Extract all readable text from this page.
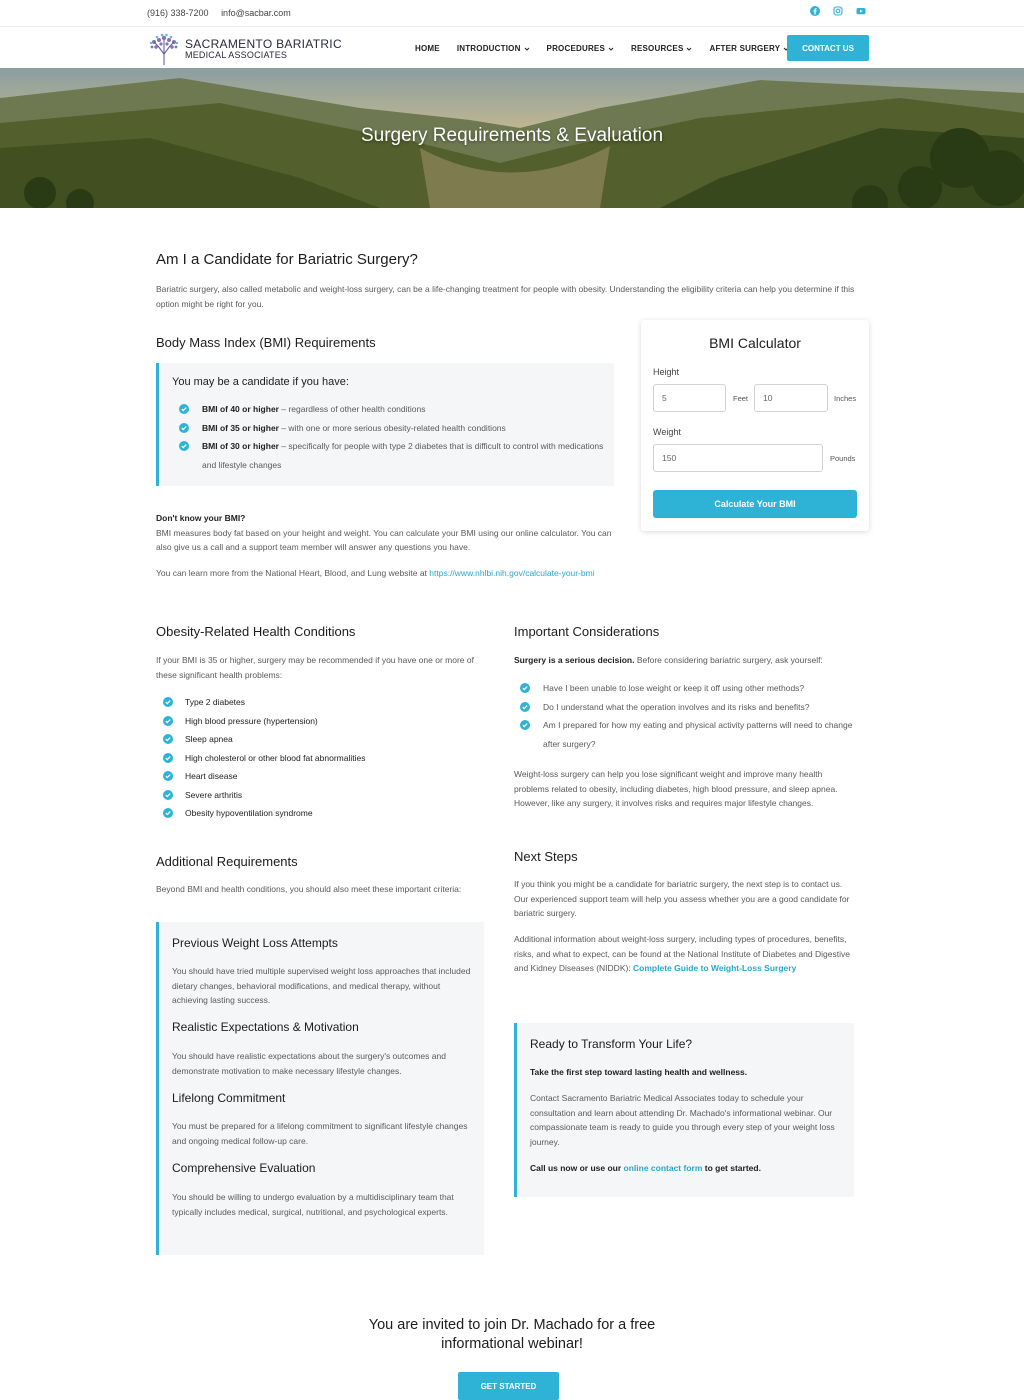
(916) 338-7200 info@sacbar.com
SACRAMENTO BARIATRIC
MEDICAL ASSOCIATES
HOME INTRODUCTION	PROCEDURES	RESOURCES	AFTER SURGERY	CONTACT US
Surgery Requirements & Evaluation
Am I a Candidate for Bariatric Surgery?
Bariatric surgery, also called metabolic and weight-loss surgery, can be a life-changing treatment for people with obesity. Understanding the eligibility criteria can help you determine if this option might be right for you.
Body Mass Index (BMI) Requirements
You may be a candidate if you have:
BMI of 40 or higher – regardless of other health conditions
BMI of 35 or higher – with one or more serious obesity-related health conditions
BMI of 30 or higher – specifically for people with type 2 diabetes that is difficult to control with medications and lifestyle changes
Don't know your BMI?
BMI measures body fat based on your height and weight. You can calculate your BMI using our online calculator. You can also give us a call and a support team member will answer any questions you have.
You can learn more from the National Heart, Blood, and Lung website at https://www.nhlbi.nih.gov/calculate-your-bmi
BMI Calculator
Height
5	Feet	10	Inches
Weight
150	Pounds
Calculate Your BMI
Obesity-Related Health Conditions
If your BMI is 35 or higher, surgery may be recommended if you have one or more of these significant health problems:
Type 2 diabetes
High blood pressure (hypertension)
Sleep apnea
High cholesterol or other blood fat abnormalities
Heart disease
Severe arthritis
Obesity hypoventilation syndrome
Important Considerations
Surgery is a serious decision. Before considering bariatric surgery, ask yourself:
Have I been unable to lose weight or keep it off using other methods?
Do I understand what the operation involves and its risks and benefits?
Am I prepared for how my eating and physical activity patterns will need to change after surgery?
Weight-loss surgery can help you lose significant weight and improve many health problems related to obesity, including diabetes, high blood pressure, and sleep apnea. However, like any surgery, it involves risks and requires major lifestyle changes.
Additional Requirements
Beyond BMI and health conditions, you should also meet these important criteria:
Previous Weight Loss Attempts
You should have tried multiple supervised weight loss approaches that included dietary changes, behavioral modifications, and medical therapy, without achieving lasting success.
Realistic Expectations & Motivation
You should have realistic expectations about the surgery's outcomes and demonstrate motivation to make necessary lifestyle changes.
Lifelong Commitment
You must be prepared for a lifelong commitment to significant lifestyle changes and ongoing medical follow-up care.
Comprehensive Evaluation
You should be willing to undergo evaluation by a multidisciplinary team that typically includes medical, surgical, nutritional, and psychological experts.
Next Steps
If you think you might be a candidate for bariatric surgery, the next step is to contact us. Our experienced support team will help you assess whether you are a good candidate for bariatric surgery.
Additional information about weight-loss surgery, including types of procedures, benefits, risks, and what to expect, can be found at the National Institute of Diabetes and Digestive and Kidney Diseases (NIDDK): Complete Guide to Weight-Loss Surgery
Ready to Transform Your Life?
Take the first step toward lasting health and wellness.
Contact Sacramento Bariatric Medical Associates today to schedule your consultation and learn about attending Dr. Machado's informational webinar. Our compassionate team is ready to guide you through every step of your weight loss journey.
Call us now or use our online contact form to get started.
You are invited to join Dr. Machado for a free
informational webinar!
GET STARTED
